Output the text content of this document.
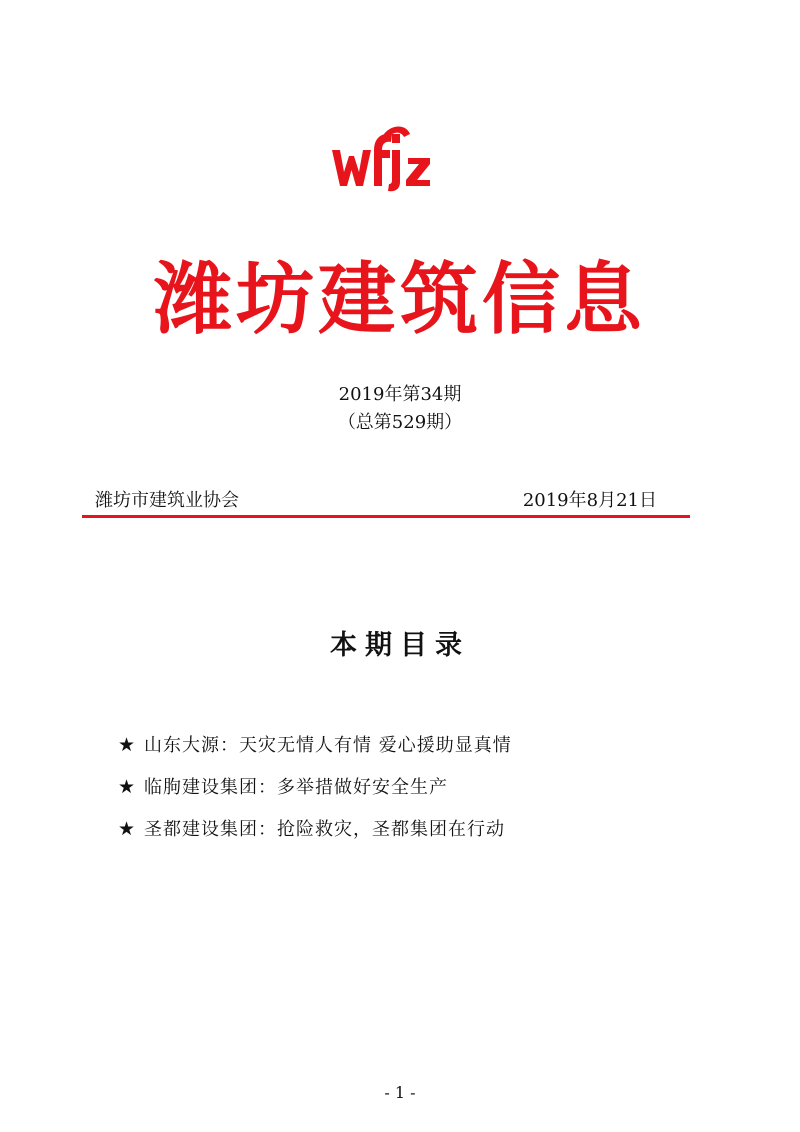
潍坊建筑信息
2019年第34期
（总第529期）
潍坊市建筑业协会	2019年8月21日
本期目录
★ 山东大源：天灾无情人有情 爱心援助显真情
★ 临朐建设集团：多举措做好安全生产
★ 圣都建设集团：抢险救灾，圣都集团在行动
- 1 -
